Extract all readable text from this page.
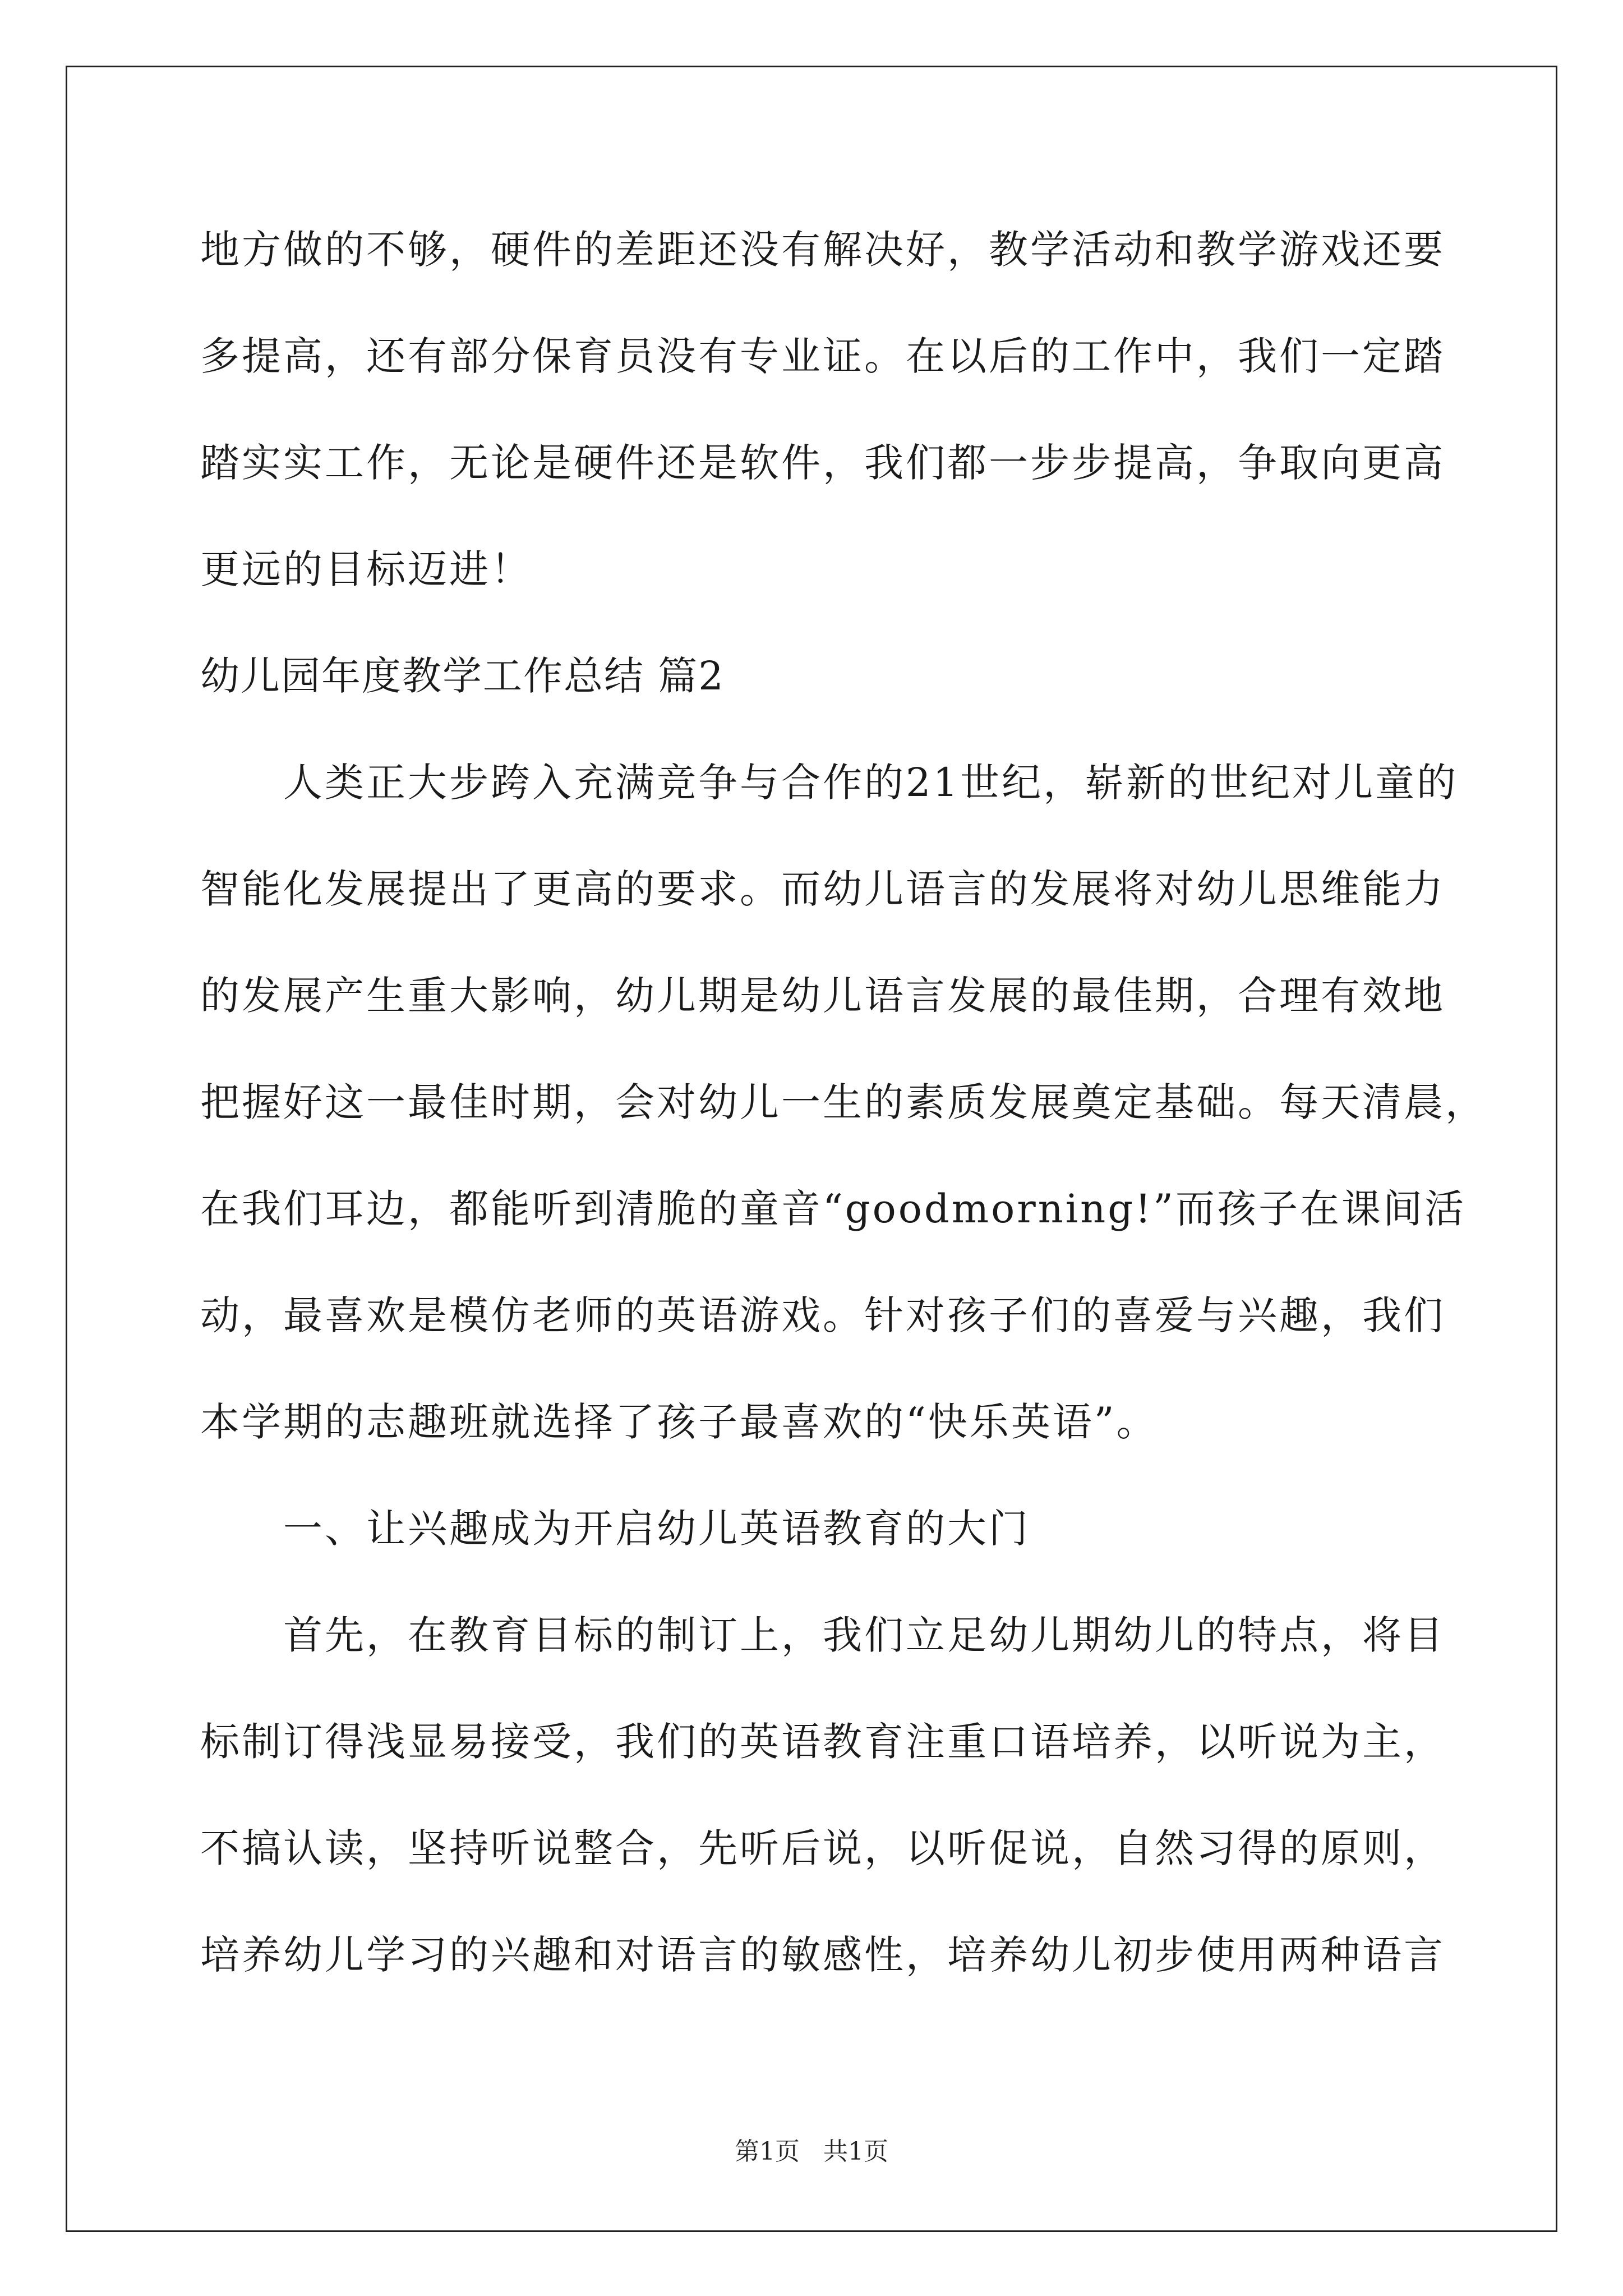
地方做的不够，硬件的差距还没有解决好，教学活动和教学游戏还要
多提高，还有部分保育员没有专业证。在以后的工作中，我们一定踏
踏实实工作，无论是硬件还是软件，我们都一步步提高，争取向更高
更远的目标迈进！
幼儿园年度教学工作总结 篇2
　　人类正大步跨入充满竞争与合作的21世纪，崭新的世纪对儿童的
智能化发展提出了更高的要求。而幼儿语言的发展将对幼儿思维能力
的发展产生重大影响，幼儿期是幼儿语言发展的最佳期，合理有效地
把握好这一最佳时期，会对幼儿一生的素质发展奠定基础。每天清晨，
在我们耳边，都能听到清脆的童音“goodmorning!”而孩子在课间活
动，最喜欢是模仿老师的英语游戏。针对孩子们的喜爱与兴趣，我们
本学期的志趣班就选择了孩子最喜欢的“快乐英语”。
　　一、让兴趣成为开启幼儿英语教育的大门
　　首先，在教育目标的制订上，我们立足幼儿期幼儿的特点，将目
标制订得浅显易接受，我们的英语教育注重口语培养，以听说为主，
不搞认读，坚持听说整合，先听后说，以听促说，自然习得的原则，
培养幼儿学习的兴趣和对语言的敏感性，培养幼儿初步使用两种语言
第1页 共1页
